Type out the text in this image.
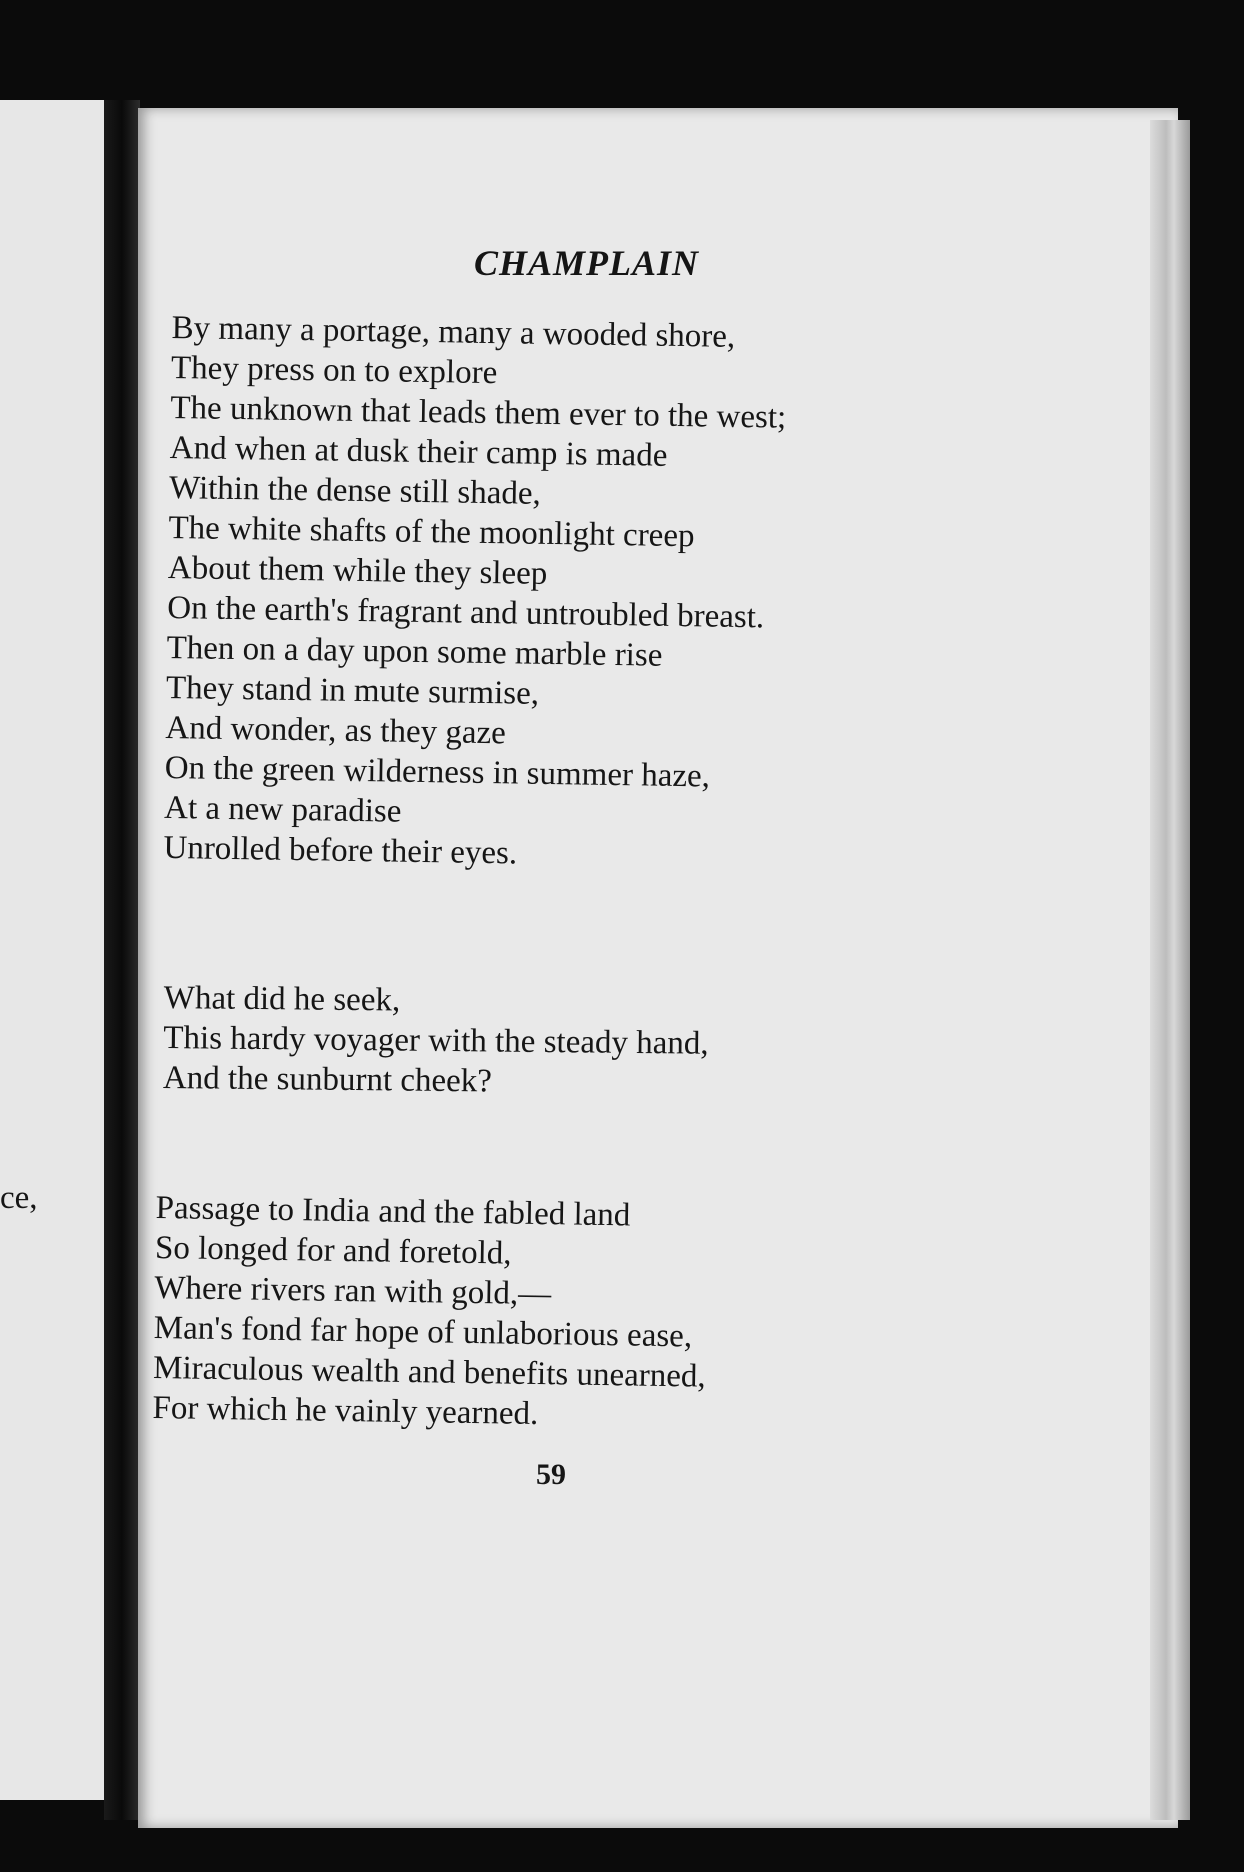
ce,

CHAMPLAIN
By many a portage, many a wooded shore,
They press on to explore
The unknown that leads them ever to the west;
And when at dusk their camp is made
Within the dense still shade,
The white shafts of the moonlight creep
About them while they sleep
On the earth's fragrant and untroubled breast.
Then on a day upon some marble rise
They stand in mute surmise,
And wonder, as they gaze
On the green wilderness in summer haze,
At a new paradise
Unrolled before their eyes.
What did he seek,
This hardy voyager with the steady hand,
And the sunburnt cheek?
Passage to India and the fabled land
So longed for and foretold,
Where rivers ran with gold,—
Man's fond far hope of unlaborious ease,
Miraculous wealth and benefits unearned,
For which he vainly yearned.

59
